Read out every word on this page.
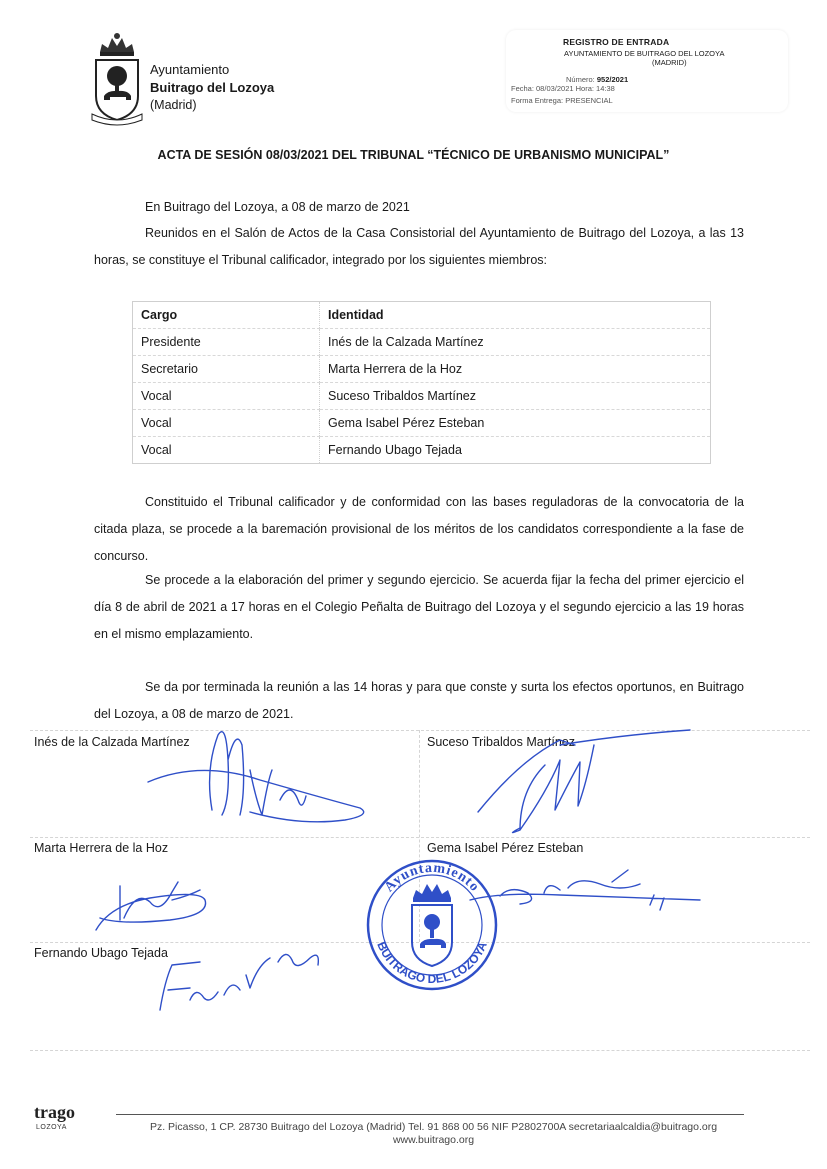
Ayuntamiento
Buitrago del Lozoya
(Madrid)
REGISTRO DE ENTRADA
AYUNTAMIENTO DE BUITRAGO DEL LOZOYA
(MADRID)
Número: 952/2021
Fecha: 08/03/2021 Hora: 14:38
Forma Entrega: PRESENCIAL
ACTA DE SESIÓN 08/03/2021 DEL TRIBUNAL “TÉCNICO DE URBANISMO MUNICIPAL”
En Buitrago del Lozoya, a 08 de marzo de 2021
Reunidos en el Salón de Actos de la Casa Consistorial del Ayuntamiento de Buitrago del Lozoya, a las 13 horas, se constituye el Tribunal calificador, integrado por los siguientes miembros:
Cargo	Identidad
Presidente	Inés de la Calzada Martínez
Secretario	Marta Herrera de la Hoz
Vocal	Suceso Tribaldos Martínez
Vocal	Gema Isabel Pérez Esteban
Vocal	Fernando Ubago Tejada
Constituido el Tribunal calificador y de conformidad con las bases reguladoras de la convocatoria de la citada plaza, se procede a la baremación provisional de los méritos de los candidatos correspondiente a la fase de concurso.
Se procede a la elaboración del primer y segundo ejercicio. Se acuerda fijar la fecha del primer ejercicio el día 8 de abril de 2021 a 17 horas en el Colegio Peñalta de Buitrago del Lozoya y el segundo ejercicio a las 19 horas en el mismo emplazamiento.
Se da por terminada la reunión a las 14 horas y para que conste y surta los efectos oportunos, en Buitrago del Lozoya, a 08 de marzo de 2021.
Inés de la Calzada Martínez	Suceso Tribaldos Martínez
Marta Herrera de la Hoz	Gema Isabel Pérez Esteban
Fernando Ubago Tejada
Ayuntamiento
BUITRAGO DEL LOZOYA
trago
LOZOYA	Pz. Picasso, 1 CP. 28730 Buitrago del Lozoya (Madrid) Tel. 91 868 00 56 NIF P2802700A secretariaalcaldia@buitrago.org
www.buitrago.org
